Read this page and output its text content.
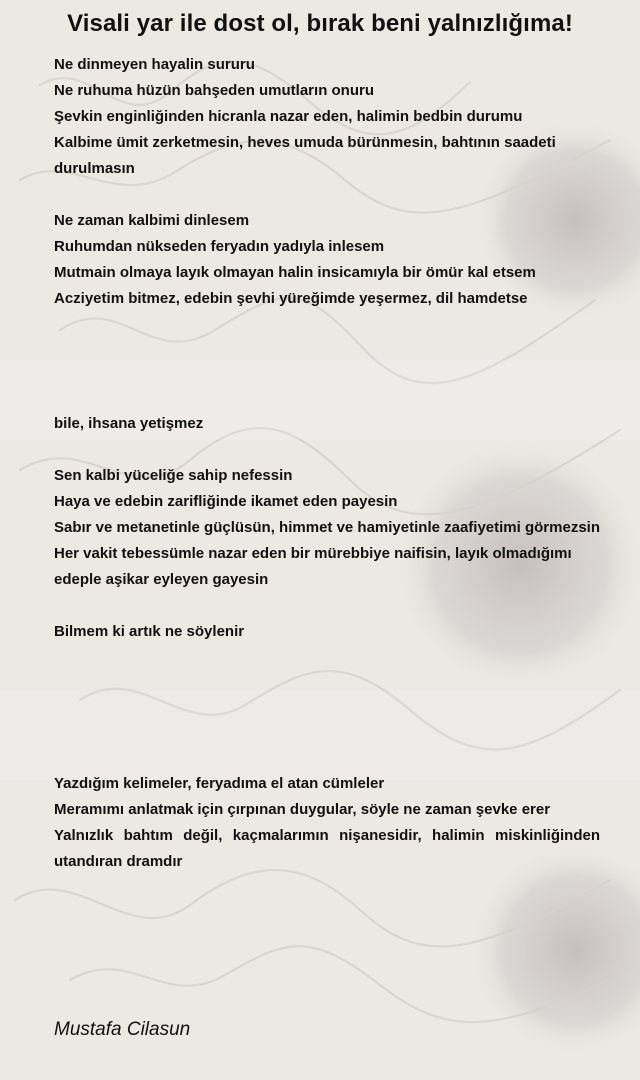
Visali yar ile dost ol, bırak beni yalnızlığıma!
Ne dinmeyen hayalin sururu
Ne ruhuma hüzün bahşeden umutların onuru
Şevkin enginliğinden hicranla nazar eden, halimin bedbin durumu
Kalbime ümit zerketmesin, heves umuda bürünmesin, bahtının saadeti durulmasın
Ne zaman kalbimi dinlesem
Ruhumdan nükseden feryadın yadıyla inlesem
Mutmain olmaya layık olmayan halin insicamıyla bir ömür kal etsem
Acziyetim bitmez, edebin şevhi yüreğimde yeşermez, dil hamdetse
bile, ihsana yetişmez
Sen kalbi yüceliğe sahip nefessin
Haya ve edebin zarifliğinde ikamet eden payesin
Sabır ve metanetinle güçlüsün, himmet ve hamiyetinle zaafiyetimi görmezsin
Her vakit tebessümle nazar eden bir mürebbiye naifisin, layık olmadığımı edeple aşikar eyleyen gayesin
Bilmem ki artık ne söylenir
Yazdığım kelimeler, feryadıma el atan cümleler
Meramımı anlatmak için çırpınan duygular, söyle ne zaman şevke erer
Yalnızlık bahtım değil, kaçmalarımın nişanesidir, halimin miskinliğinden utandıran dramdır

Mustafa Cilasun
